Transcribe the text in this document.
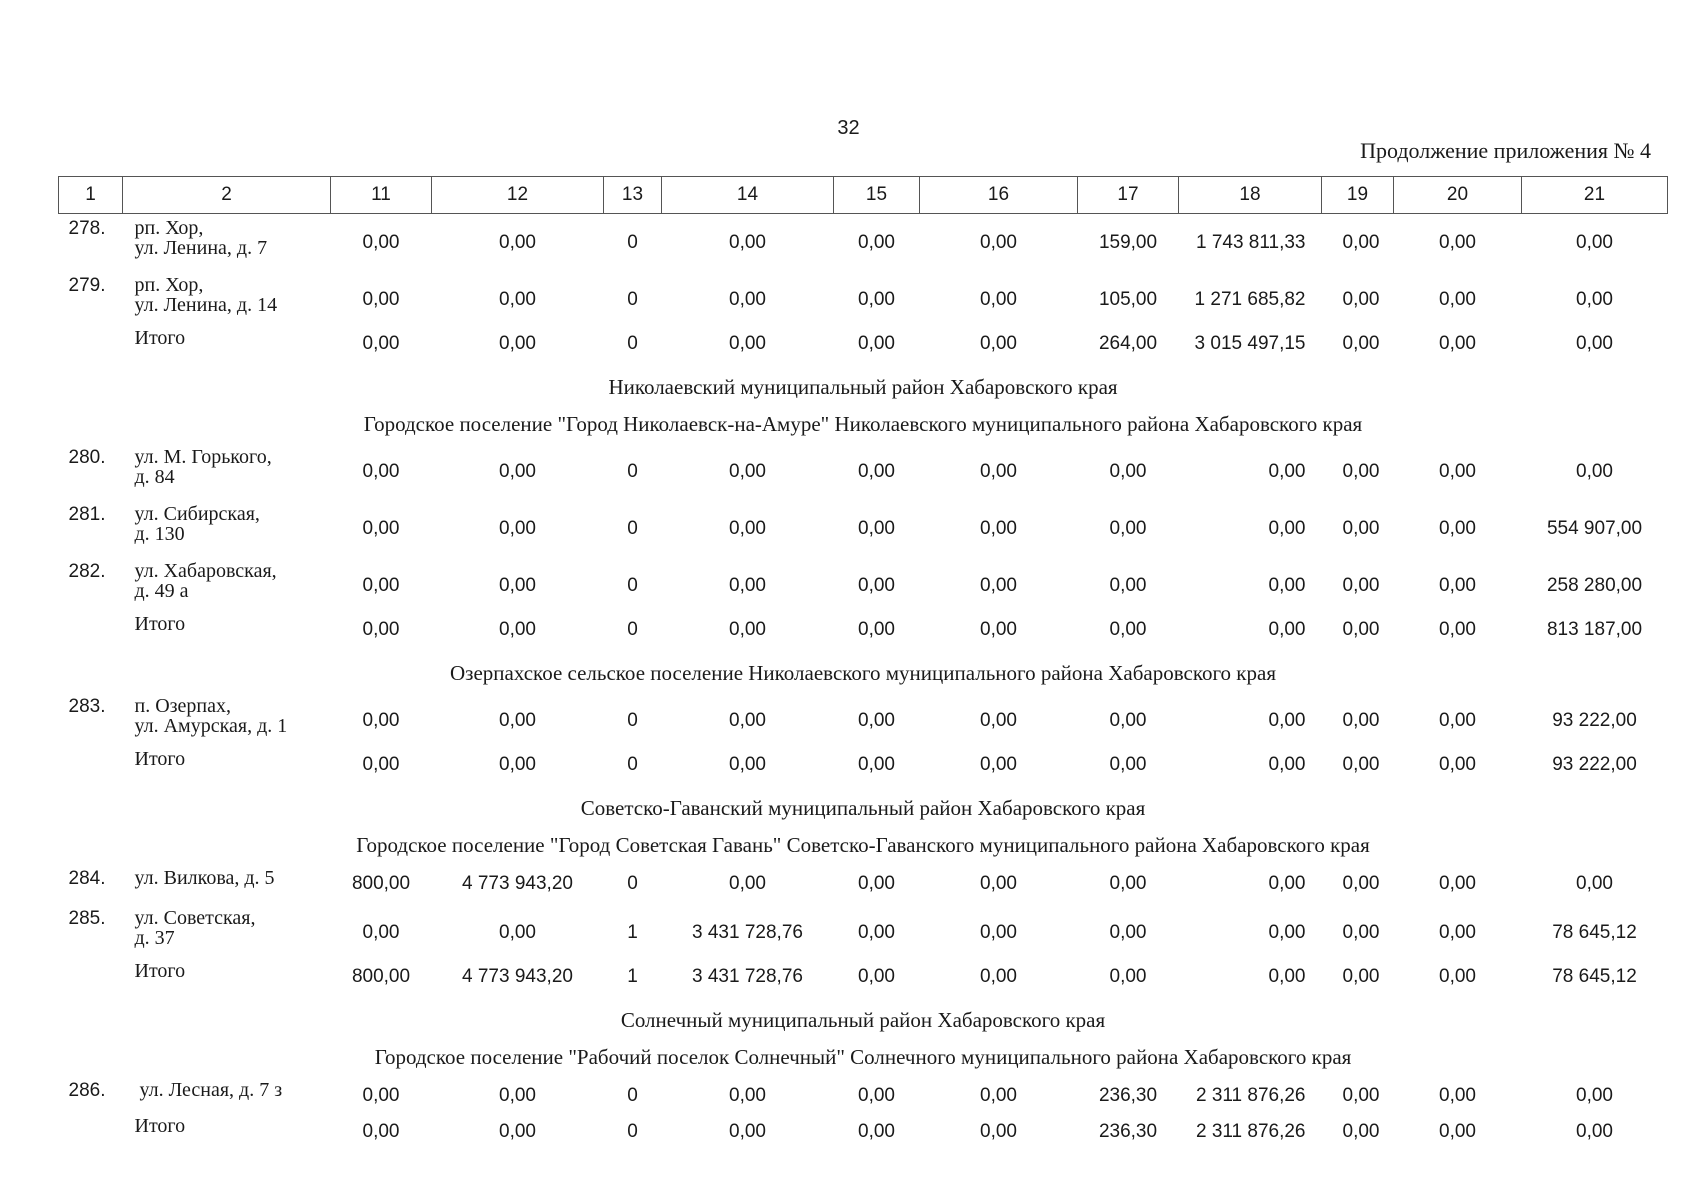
32
Продолжение приложения № 4
1	2	11	12	13	14	15	16	17	18	19	20	21
278.	рп. Хор,
ул. Ленина, д. 7	0,00	0,00	0	0,00	0,00	0,00	159,00	1 743 811,33	0,00	0,00	0,00
279.	рп. Хор,
ул. Ленина, д. 14	0,00	0,00	0	0,00	0,00	0,00	105,00	1 271 685,82	0,00	0,00	0,00

	Итого	0,00	0,00	0	0,00	0,00	0,00	264,00	3 015 497,15	0,00	0,00	0,00
Николаевский муниципальный район Хабаровского края												
Городское поселение "Город Николаевск-на-Амуре" Николаевского муниципального района Хабаровского края												
280.	ул. М. Горького,
д. 84	0,00	0,00	0	0,00	0,00	0,00	0,00	0,00	0,00	0,00	0,00
281.	ул. Сибирская,
д. 130	0,00	0,00	0	0,00	0,00	0,00	0,00	0,00	0,00	0,00	554 907,00
282.	ул. Хабаровская,
д. 49 а	0,00	0,00	0	0,00	0,00	0,00	0,00	0,00	0,00	0,00	258 280,00

	Итого	0,00	0,00	0	0,00	0,00	0,00	0,00	0,00	0,00	0,00	813 187,00
Озерпахское сельское поселение Николаевского муниципального района Хабаровского края												
283.	п. Озерпах,
ул. Амурская, д. 1	0,00	0,00	0	0,00	0,00	0,00	0,00	0,00	0,00	0,00	93 222,00

	Итого	0,00	0,00	0	0,00	0,00	0,00	0,00	0,00	0,00	0,00	93 222,00
Советско-Гаванский муниципальный район Хабаровского края												
Городское поселение "Город Советская Гавань" Советско-Гаванского муниципального района Хабаровского края												
284.	ул. Вилкова, д. 5	800,00	4 773 943,20	0	0,00	0,00	0,00	0,00	0,00	0,00	0,00	0,00
285.	ул. Советская,
д. 37	0,00	0,00	1	3 431 728,76	0,00	0,00	0,00	0,00	0,00	0,00	78 645,12

	Итого	800,00	4 773 943,20	1	3 431 728,76	0,00	0,00	0,00	0,00	0,00	0,00	78 645,12
Солнечный муниципальный район Хабаровского края												
Городское поселение "Рабочий поселок Солнечный" Солнечного муниципального района Хабаровского края												
286.	ул. Лесная, д. 7 з	0,00	0,00	0	0,00	0,00	0,00	236,30	2 311 876,26	0,00	0,00	0,00

	Итого	0,00	0,00	0	0,00	0,00	0,00	236,30	2 311 876,26	0,00	0,00	0,00
